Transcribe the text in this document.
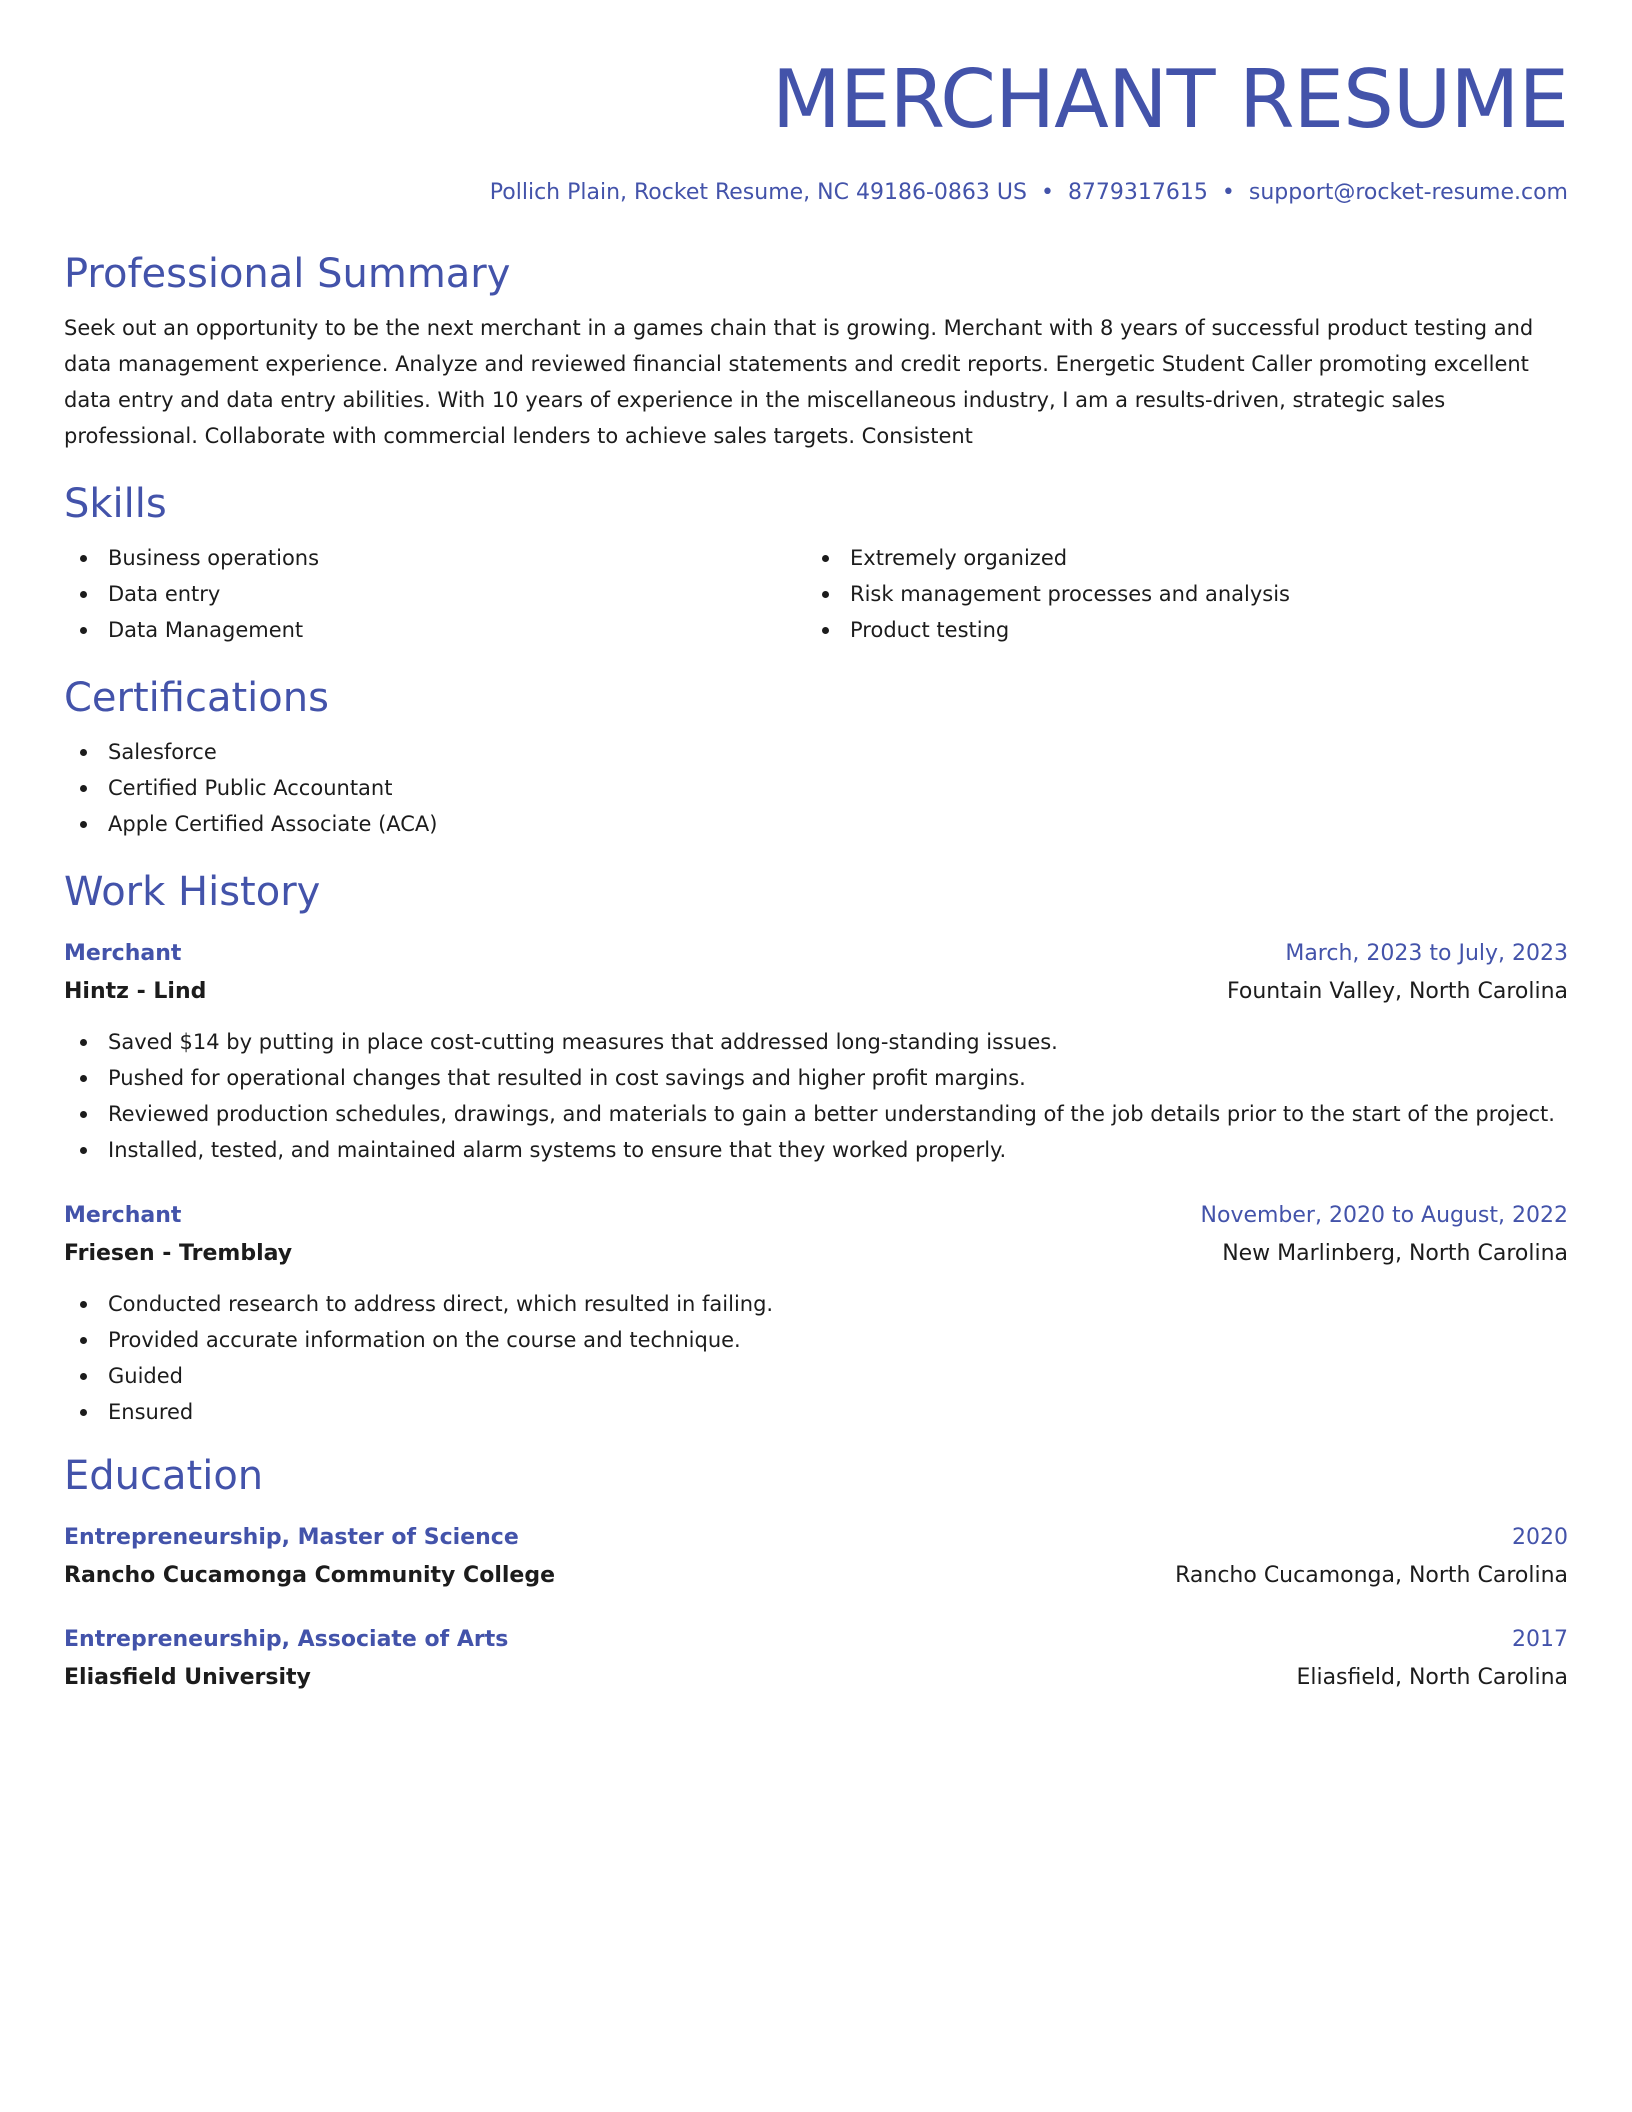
MERCHANT RESUME
Pollich Plain, Rocket Resume, NC 49186-0863 US • 8779317615 • support@rocket-resume.com
Professional Summary
Seek out an opportunity to be the next merchant in a games chain that is growing. Merchant with 8 years of successful product testing and data management experience. Analyze and reviewed financial statements and credit reports. Energetic Student Caller promoting excellent data entry and data entry abilities. With 10 years of experience in the miscellaneous industry, I am a results-driven, strategic sales professional. Collaborate with commercial lenders to achieve sales targets. Consistent
Skills
Business operations
Data entry
Data Management
Extremely organized
Risk management processes and analysis
Product testing
Certifications
Salesforce
Certified Public Accountant
Apple Certified Associate (ACA)
Work History
Merchant	March, 2023 to July, 2023
Hintz - Lind	Fountain Valley, North Carolina
Saved $14 by putting in place cost-cutting measures that addressed long-standing issues.
Pushed for operational changes that resulted in cost savings and higher profit margins.
Reviewed production schedules, drawings, and materials to gain a better understanding of the job details prior to the start of the project.
Installed, tested, and maintained alarm systems to ensure that they worked properly.
Merchant	November, 2020 to August, 2022
Friesen - Tremblay	New Marlinberg, North Carolina
Conducted research to address direct, which resulted in failing.
Provided accurate information on the course and technique.
Guided
Ensured
Education
Entrepreneurship, Master of Science	2020
Rancho Cucamonga Community College	Rancho Cucamonga, North Carolina
Entrepreneurship, Associate of Arts	2017
Eliasfield University	Eliasfield, North Carolina
